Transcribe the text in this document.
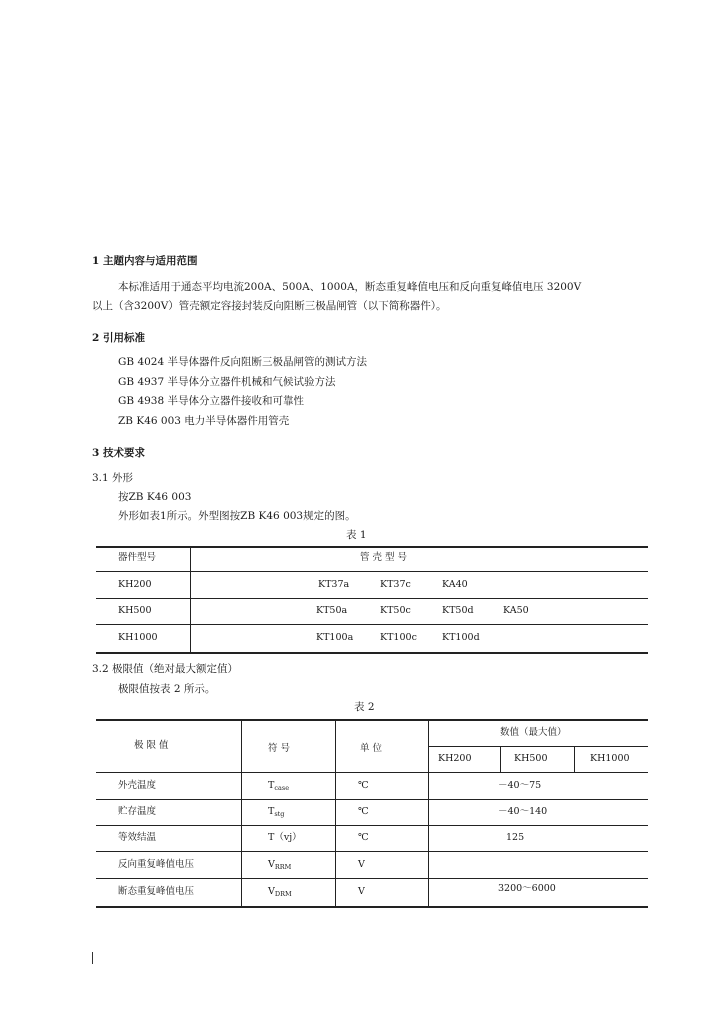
1 主题内容与适用范围
本标准适用于通态平均电流200A、500A、1000A，断态重复峰值电压和反向重复峰值电压 3200V
以上（含3200V）管壳额定容接封装反向阻断三极晶闸管（以下简称器件）。
2 引用标准
GB 4024 半导体器件反向阻断三极晶闸管的测试方法
GB 4937 半导体分立器件机械和气候试验方法
GB 4938 半导体分立器件接收和可靠性
ZB K46 003 电力半导体器件用管壳
3 技术要求
3.1 外形
按ZB K46 003
外形如表1所示。外型图按ZB K46 003规定的图。
表 1
器件型号	管 壳 型 号
KH200	KT37a	KT37c	KA40
KH500	KT50a	KT50c	KT50d	KA50
KH1000	KT100a	KT100c	KT100d
3.2 极限值（绝对最大额定值）
极限值按表 2 所示。
表 2
极 限 值	符 号	单 位
数值（最大值）
KH200	KH500	KH1000
外壳温度	$T_{case}$	℃	－40～75
贮存温度	$T_{stg}$	℃	－40～140
等效结温	T（vj）	℃	125
反向重复峰值电压	$V_{RRM}$	V
断态重复峰值电压	$V_{DRM}$	V	3200～6000
